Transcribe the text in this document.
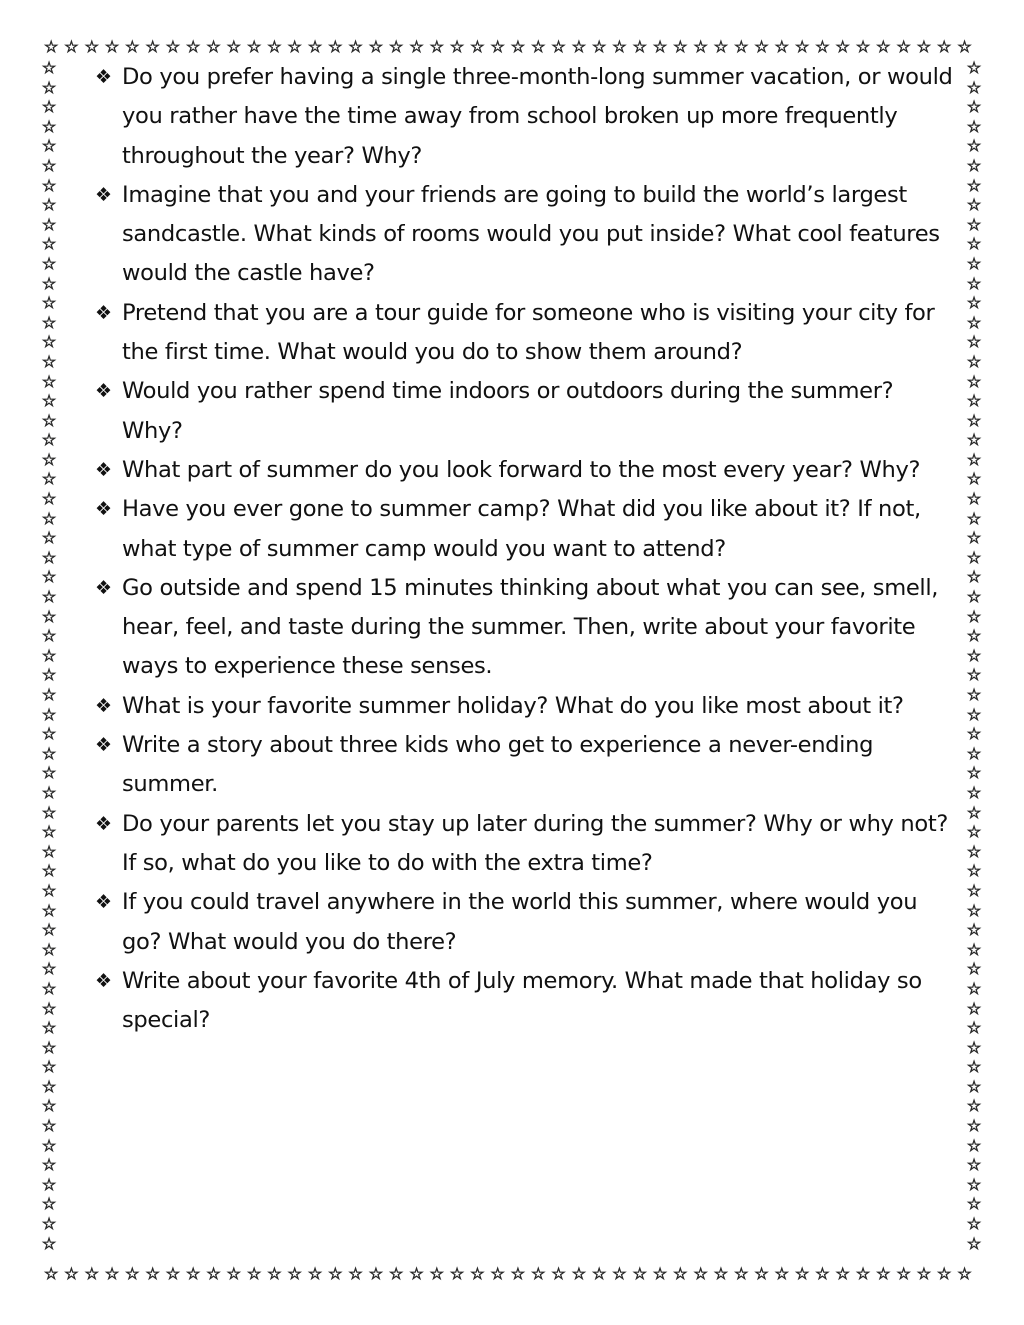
☆ ☆ ☆ ☆ ☆ ☆ ☆ ☆ ☆ ☆ ☆ ☆ ☆ ☆ ☆ ☆ ☆ ☆ ☆ ☆ ☆ ☆ ☆ ☆ ☆ ☆ ☆ ☆ ☆ ☆ ☆ ☆ ☆ ☆ ☆ ☆ ☆ ☆ ☆ ☆ ☆ ☆ ☆ ☆ ☆ ☆
☆ ☆ ☆ ☆ ☆ ☆ ☆ ☆ ☆ ☆ ☆ ☆ ☆ ☆ ☆ ☆ ☆ ☆ ☆ ☆ ☆ ☆ ☆ ☆ ☆ ☆ ☆ ☆ ☆ ☆ ☆ ☆ ☆ ☆ ☆ ☆ ☆ ☆ ☆ ☆ ☆ ☆ ☆ ☆ ☆ ☆
☆
☆
☆
☆
☆
☆
☆
☆
☆
☆
☆
☆
☆
☆
☆
☆
☆
☆
☆
☆
☆
☆
☆
☆
☆
☆
☆
☆
☆
☆
☆
☆
☆
☆
☆
☆
☆
☆
☆
☆
☆
☆
☆
☆
☆
☆
☆
☆
☆
☆
☆
☆
☆
☆
☆
☆
☆
☆
☆
☆
☆
☆
☆
☆
☆
☆
☆
☆
☆
☆
☆
☆
☆
☆
☆
☆
☆
☆
☆
☆
☆
☆
☆
☆
☆
☆
☆
☆
☆
☆
☆
☆
☆
☆
☆
☆
☆
☆
☆
☆
☆
☆
☆
☆
☆
☆
☆
☆
☆
☆
☆
☆
☆
☆
☆
☆
☆
☆
☆
☆
☆
☆
❖ Do you prefer having a single three-month-long summer vacation, or would you rather have the time away from school broken up more frequently throughout the year? Why?
❖ Imagine that you and your friends are going to build the world’s largest sandcastle. What kinds of rooms would you put inside? What cool features would the castle have?
❖ Pretend that you are a tour guide for someone who is visiting your city for the first time. What would you do to show them around?
❖ Would you rather spend time indoors or outdoors during the summer? Why?
❖ What part of summer do you look forward to the most every year? Why?
❖ Have you ever gone to summer camp? What did you like about it? If not, what type of summer camp would you want to attend?
❖ Go outside and spend 15 minutes thinking about what you can see, smell, hear, feel, and taste during the summer. Then, write about your favorite ways to experience these senses.
❖ What is your favorite summer holiday? What do you like most about it?
❖ Write a story about three kids who get to experience a never-ending summer.
❖ Do your parents let you stay up later during the summer? Why or why not? If so, what do you like to do with the extra time?
❖ If you could travel anywhere in the world this summer, where would you go? What would you do there?
❖ Write about your favorite 4th of July memory. What made that holiday so special?
